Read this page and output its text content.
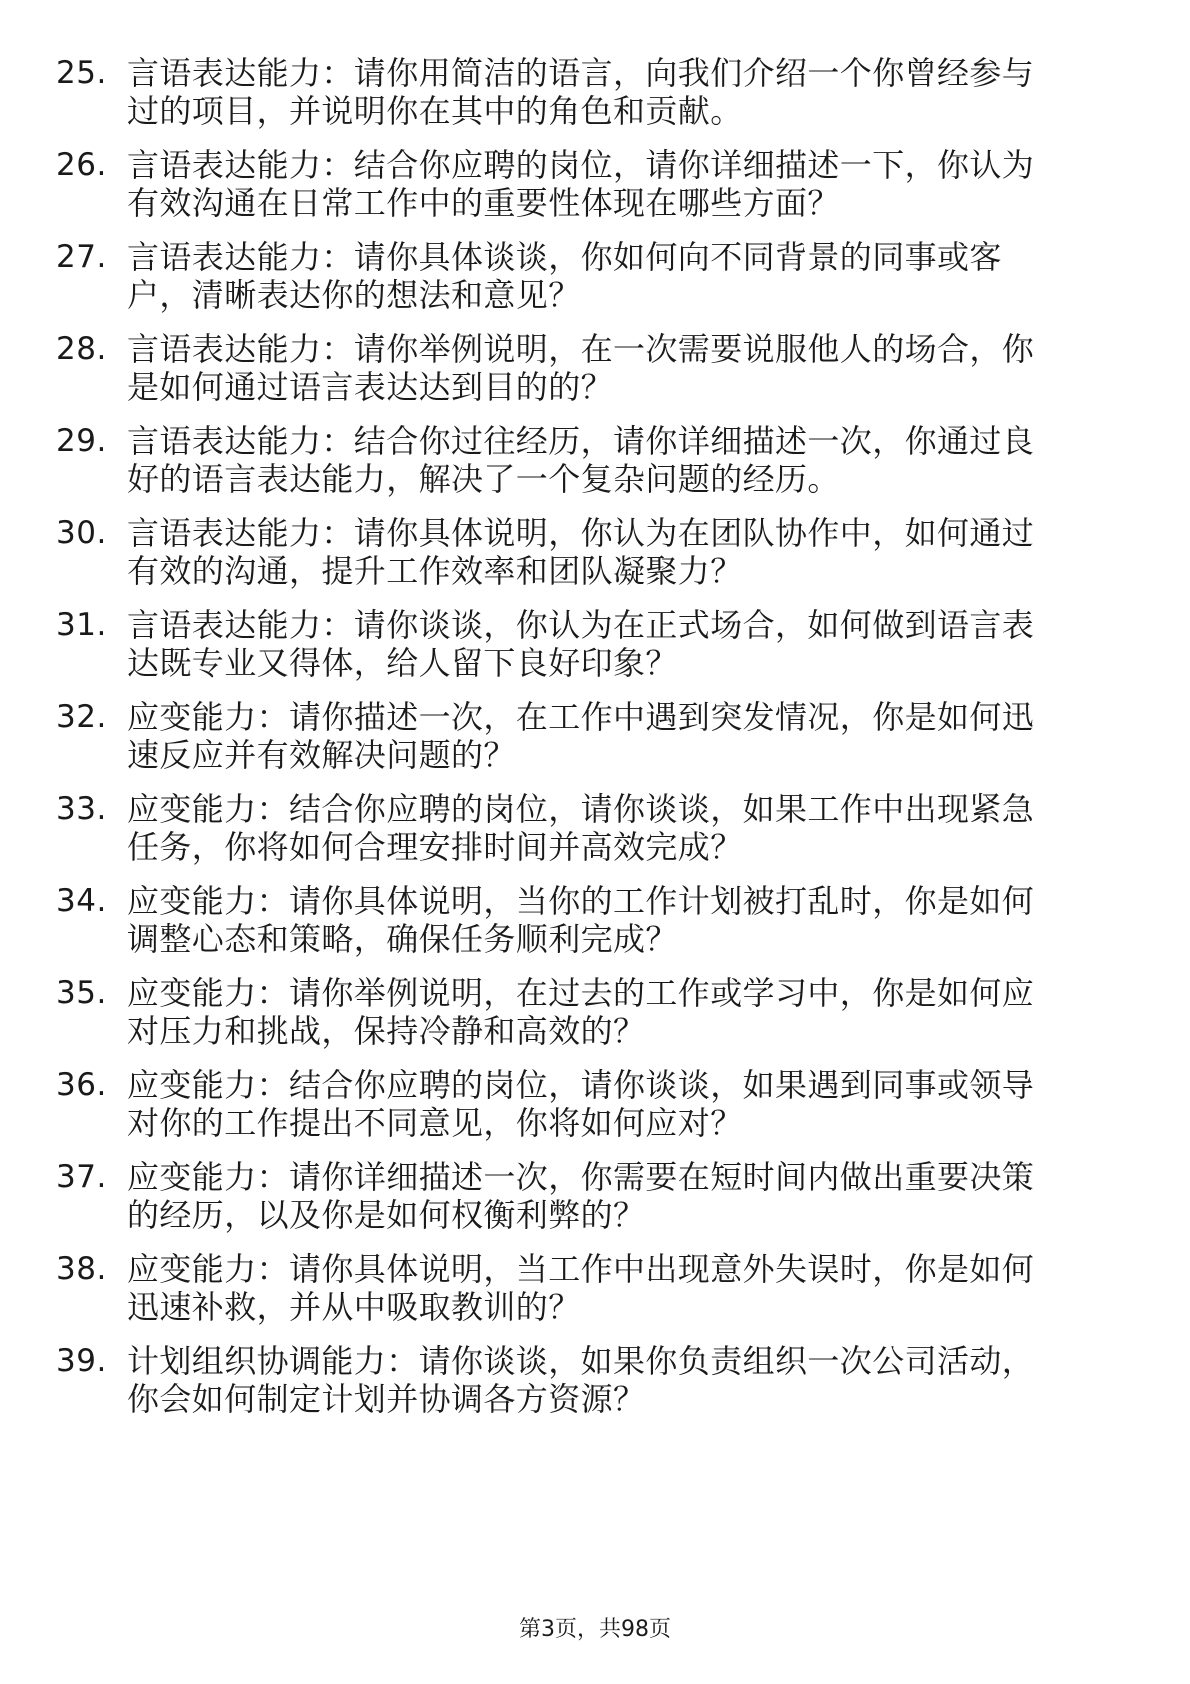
25. 言语表达能力：请你用简洁的语言，向我们介绍一个你曾经参与
过的项目，并说明你在其中的角色和贡献。
26. 言语表达能力：结合你应聘的岗位，请你详细描述一下，你认为
有效沟通在日常工作中的重要性体现在哪些方面？
27. 言语表达能力：请你具体谈谈，你如何向不同背景的同事或客
户，清晰表达你的想法和意见？
28. 言语表达能力：请你举例说明，在一次需要说服他人的场合，你
是如何通过语言表达达到目的的？
29. 言语表达能力：结合你过往经历，请你详细描述一次，你通过良
好的语言表达能力，解决了一个复杂问题的经历。
30. 言语表达能力：请你具体说明，你认为在团队协作中，如何通过
有效的沟通，提升工作效率和团队凝聚力？
31. 言语表达能力：请你谈谈，你认为在正式场合，如何做到语言表
达既专业又得体，给人留下良好印象？
32. 应变能力：请你描述一次，在工作中遇到突发情况，你是如何迅
速反应并有效解决问题的？
33. 应变能力：结合你应聘的岗位，请你谈谈，如果工作中出现紧急
任务，你将如何合理安排时间并高效完成？
34. 应变能力：请你具体说明，当你的工作计划被打乱时，你是如何
调整心态和策略，确保任务顺利完成？
35. 应变能力：请你举例说明，在过去的工作或学习中，你是如何应
对压力和挑战，保持冷静和高效的？
36. 应变能力：结合你应聘的岗位，请你谈谈，如果遇到同事或领导
对你的工作提出不同意见，你将如何应对？
37. 应变能力：请你详细描述一次，你需要在短时间内做出重要决策
的经历，以及你是如何权衡利弊的？
38. 应变能力：请你具体说明，当工作中出现意外失误时，你是如何
迅速补救，并从中吸取教训的？
39. 计划组织协调能力：请你谈谈，如果你负责组织一次公司活动，
你会如何制定计划并协调各方资源？
第3页，共98页
